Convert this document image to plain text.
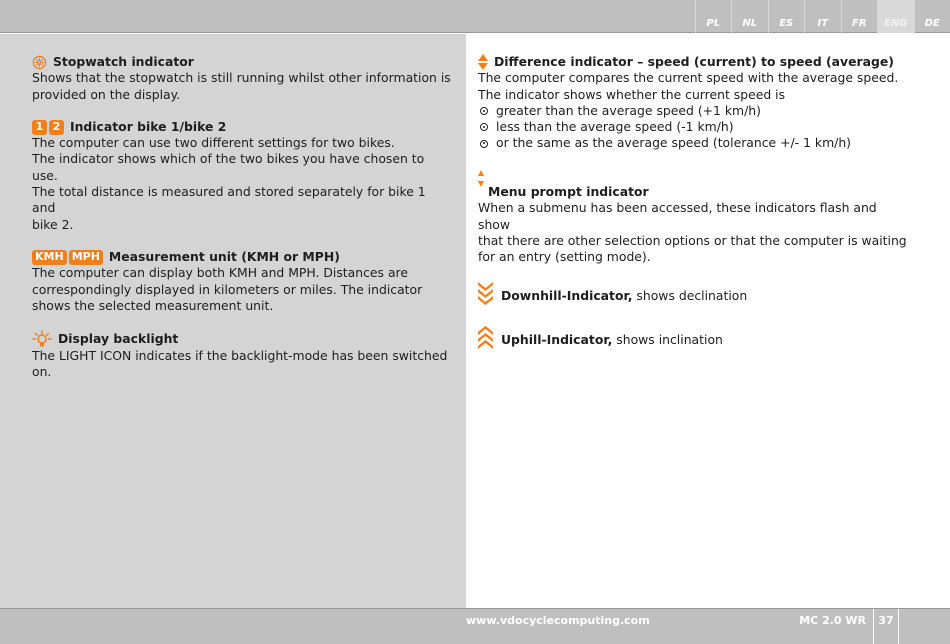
PL	NL	ES	IT	FR	ENG	DE
Stopwatch indicator
Shows that the stopwatch is still running whilst other information is
provided on the display.
1 2 Indicator bike 1/bike 2
The computer can use two different settings for two bikes.
The indicator shows which of the two bikes you have chosen to use.
The total distance is measured and stored separately for bike 1 and
bike 2.
KMH MPH Measurement unit (KMH or MPH)
The computer can display both KMH and MPH. Distances are
correspondingly displayed in kilometers or miles. The indicator
shows the selected measurement unit.
Display backlight
The LIGHT ICON indicates if the backlight-mode has been switched on.
Difference indicator – speed (current) to speed (average)
The computer compares the current speed with the average speed.
The indicator shows whether the current speed is
greater than the average speed (+1 km/h)
less than the average speed (-1 km/h)
or the same as the average speed (tolerance +/- 1 km/h)
Menu prompt indicator
When a submenu has been accessed, these indicators flash and show
that there are other selection options or that the computer is waiting
for an entry (setting mode).
Downhill-Indicator, shows declination
Uphill-Indicator, shows inclination
www.vdocyclecomputing.com	MC 2.0 WR	37
